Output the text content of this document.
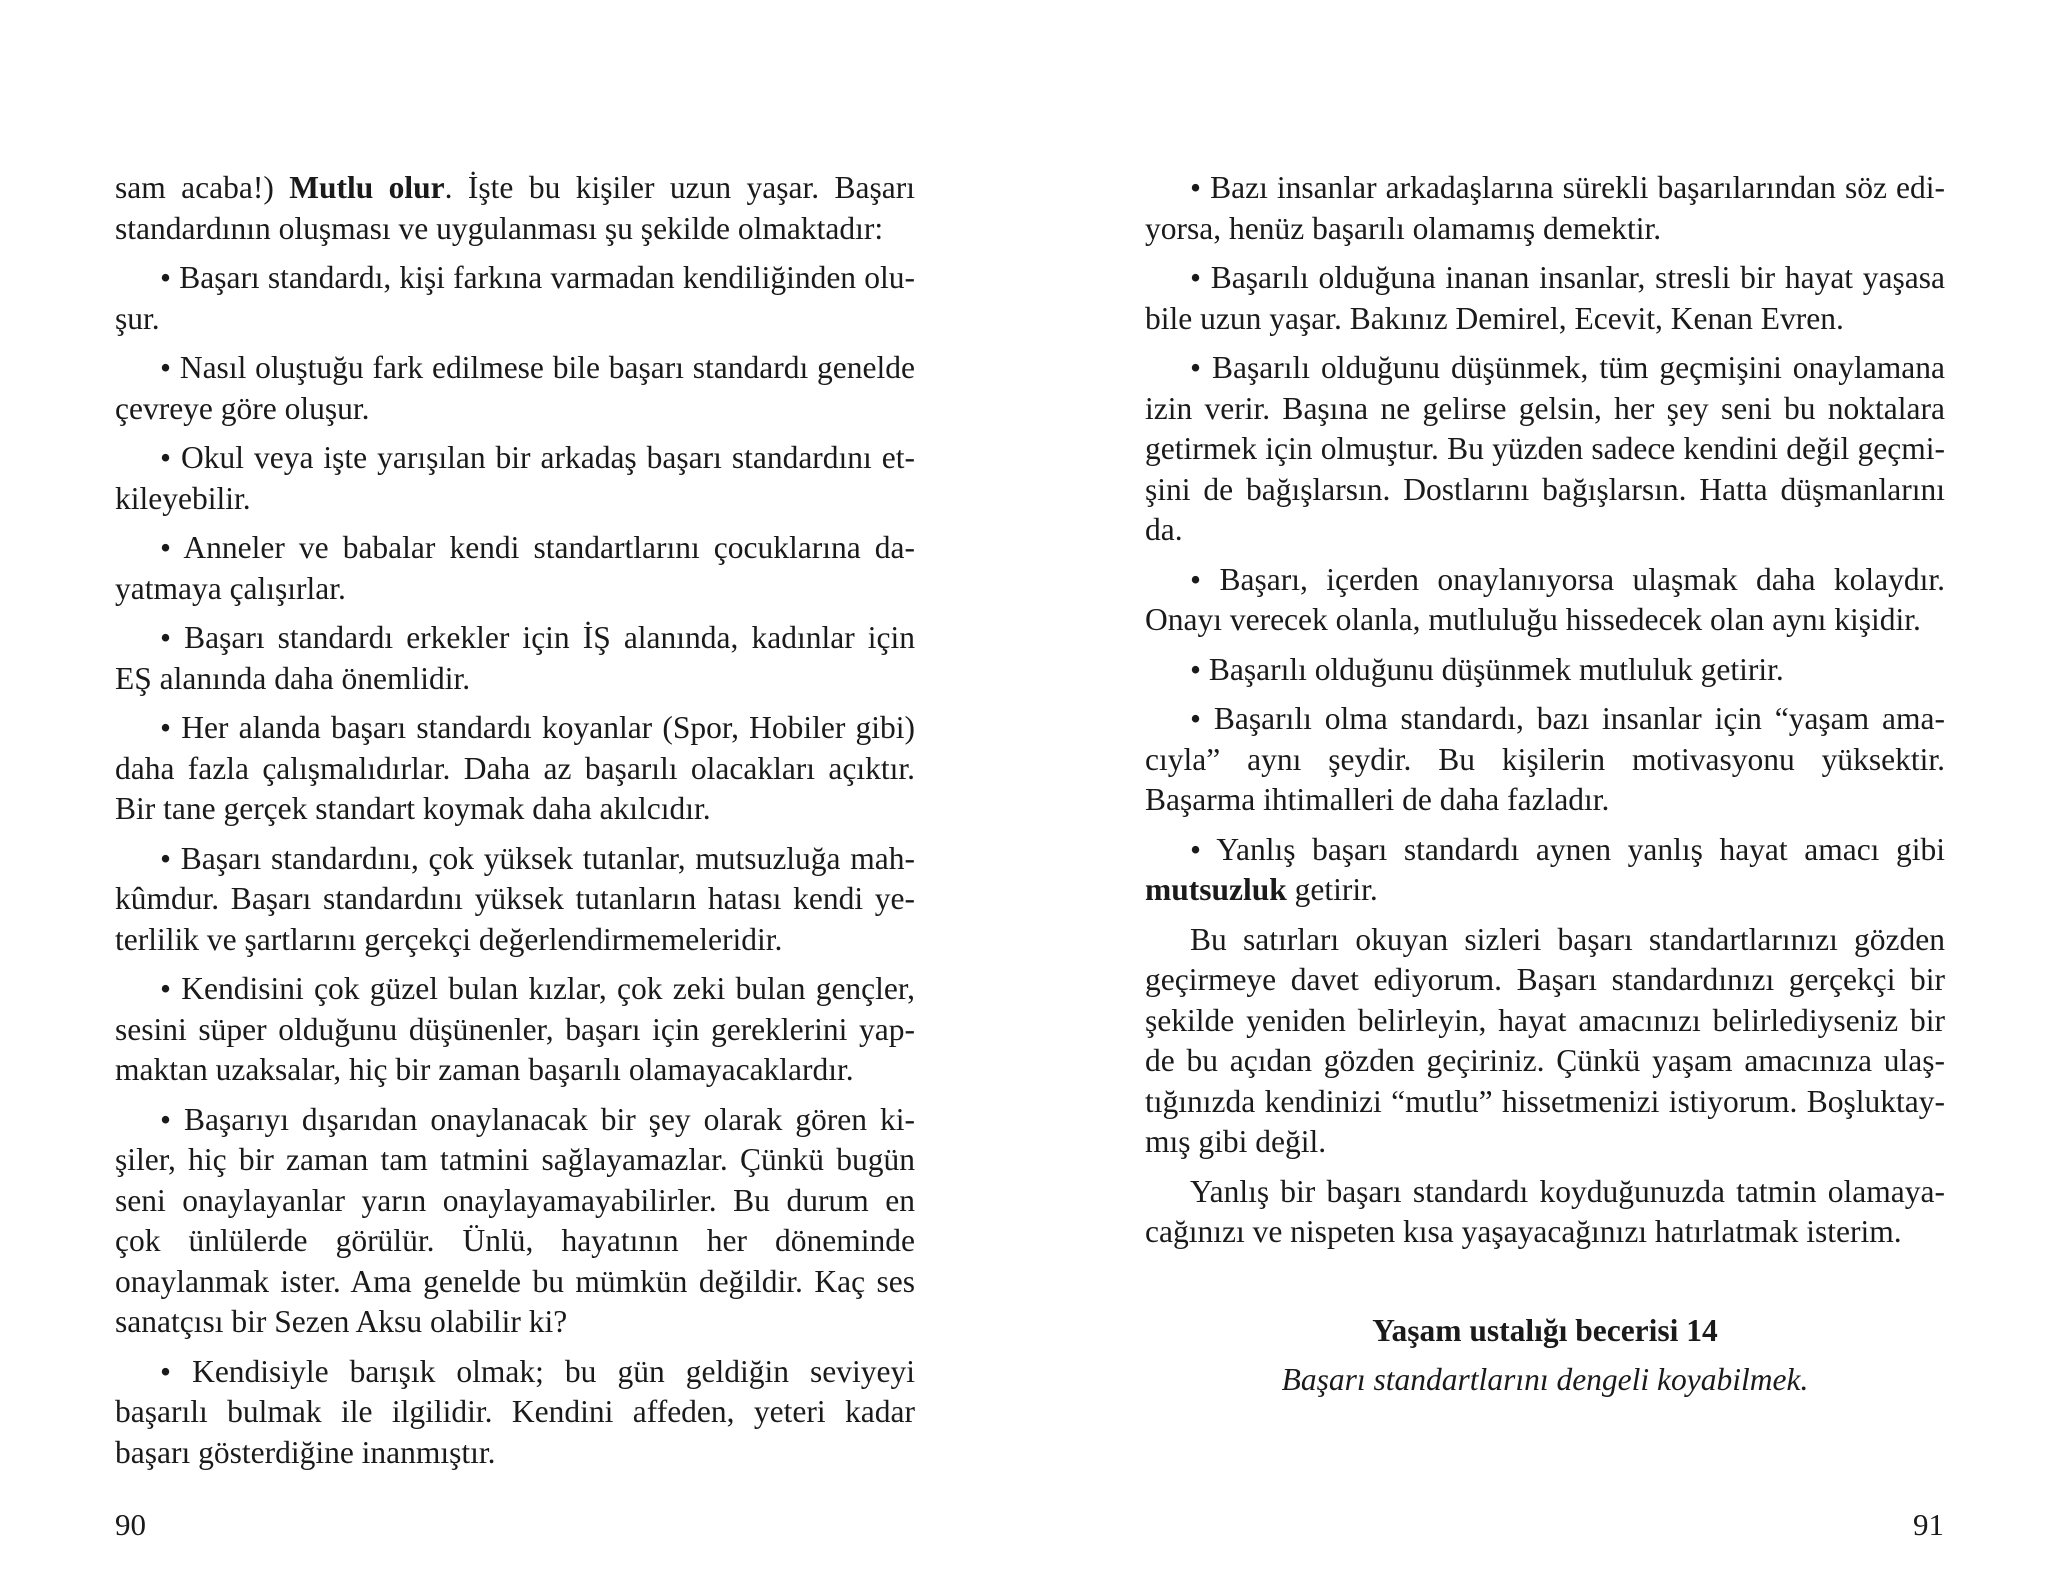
sam acaba!) Mutlu olur. İşte bu kişiler uzun yaşar. Başarı standardının oluşması ve uygulanması şu şekilde olmaktadır:

• Başarı standardı, kişi farkına varmadan kendiliğinden oluşur.

• Nasıl oluştuğu fark edilmese bile başarı standardı genelde çevreye göre oluşur.

• Okul veya işte yarışılan bir arkadaş başarı standardını etkileyebilir.

• Anneler ve babalar kendi standartlarını çocuklarına dayatmaya çalışırlar.

• Başarı standardı erkekler için İŞ alanında, kadınlar için EŞ alanında daha önemlidir.

• Her alanda başarı standardı koyanlar (Spor, Hobiler gibi) daha fazla çalışmalıdırlar. Daha az başarılı olacakları açıktır. Bir tane gerçek standart koymak daha akılcıdır.

• Başarı standardını, çok yüksek tutanlar, mutsuzluğa mahkûmdur. Başarı standardını yüksek tutanların hatası kendi yeterlilik ve şartlarını gerçekçi değerlendirmemeleridir.

• Kendisini çok güzel bulan kızlar, çok zeki bulan gençler, sesini süper olduğunu düşünenler, başarı için gereklerini yapmaktan uzaksalar, hiç bir zaman başarılı olamayacaklardır.

• Başarıyı dışarıdan onaylanacak bir şey olarak gören kişiler, hiç bir zaman tam tatmini sağlayamazlar. Çünkü bugün seni onaylayanlar yarın onaylayamayabilirler. Bu durum en çok ünlülerde görülür. Ünlü, hayatının her döneminde onaylanmak ister. Ama genelde bu mümkün değildir. Kaç ses sanatçısı bir Sezen Aksu olabilir ki?

• Kendisiyle barışık olmak; bu gün geldiğin seviyeyi başarılı bulmak ile ilgilidir. Kendini affeden, yeteri kadar başarı gösterdiğine inanmıştır.

90

• Bazı insanlar arkadaşlarına sürekli başarılarından söz ediyorsa, henüz başarılı olamamış demektir.

• Başarılı olduğuna inanan insanlar, stresli bir hayat yaşasa bile uzun yaşar. Bakınız Demirel, Ecevit, Kenan Evren.

• Başarılı olduğunu düşünmek, tüm geçmişini onaylamana izin verir. Başına ne gelirse gelsin, her şey seni bu noktalara getirmek için olmuştur. Bu yüzden sadece kendini değil geçmişini de bağışlarsın. Dostlarını bağışlarsın. Hatta düşmanlarını da.

• Başarı, içerden onaylanıyorsa ulaşmak daha kolaydır. Onayı verecek olanla, mutluluğu hissedecek olan aynı kişidir.

• Başarılı olduğunu düşünmek mutluluk getirir.

• Başarılı olma standardı, bazı insanlar için “yaşam amacıyla” aynı şeydir. Bu kişilerin motivasyonu yüksektir. Başarma ihtimalleri de daha fazladır.

• Yanlış başarı standardı aynen yanlış hayat amacı gibi mutsuzluk getirir.

Bu satırları okuyan sizleri başarı standartlarınızı gözden geçirmeye davet ediyorum. Başarı standardınızı gerçekçi bir şekilde yeniden belirleyin, hayat amacınızı belirlediyseniz bir de bu açıdan gözden geçiriniz. Çünkü yaşam amacınıza ulaştığınızda kendinizi “mutlu” hissetmenizi istiyorum. Boşluktaymış gibi değil.

Yanlış bir başarı standardı koyduğunuzda tatmin olamayacağınızı ve nispeten kısa yaşayacağınızı hatırlatmak isterim.

Yaşam ustalığı becerisi 14

Başarı standartlarını dengeli koyabilmek.

91
